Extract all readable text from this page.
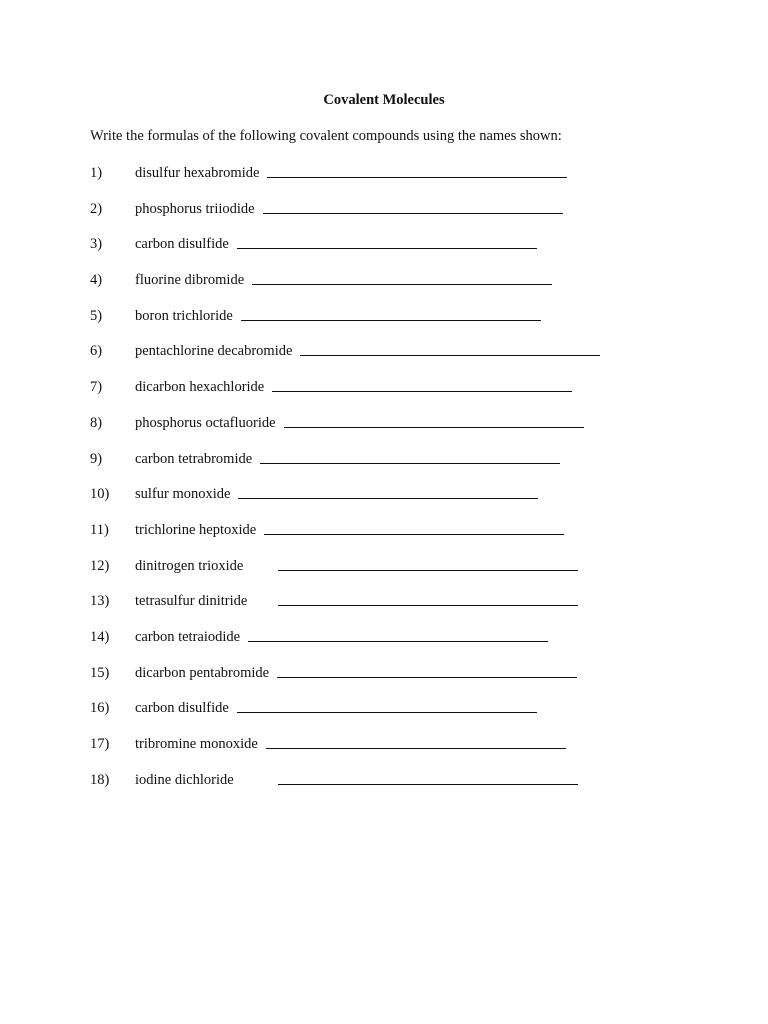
Covalent Molecules
Write the formulas of the following covalent compounds using the names shown:
1)	disulfur hexabromide
2)	phosphorus triiodide
3)	carbon disulfide
4)	fluorine dibromide
5)	boron trichloride
6)	pentachlorine decabromide
7)	dicarbon hexachloride
8)	phosphorus octafluoride
9)	carbon tetrabromide
10)	sulfur monoxide
11)	trichlorine heptoxide
12)	dinitrogen trioxide
13)	tetrasulfur dinitride
14)	carbon tetraiodide
15)	dicarbon pentabromide
16)	carbon disulfide
17)	tribromine monoxide
18)	iodine dichloride
